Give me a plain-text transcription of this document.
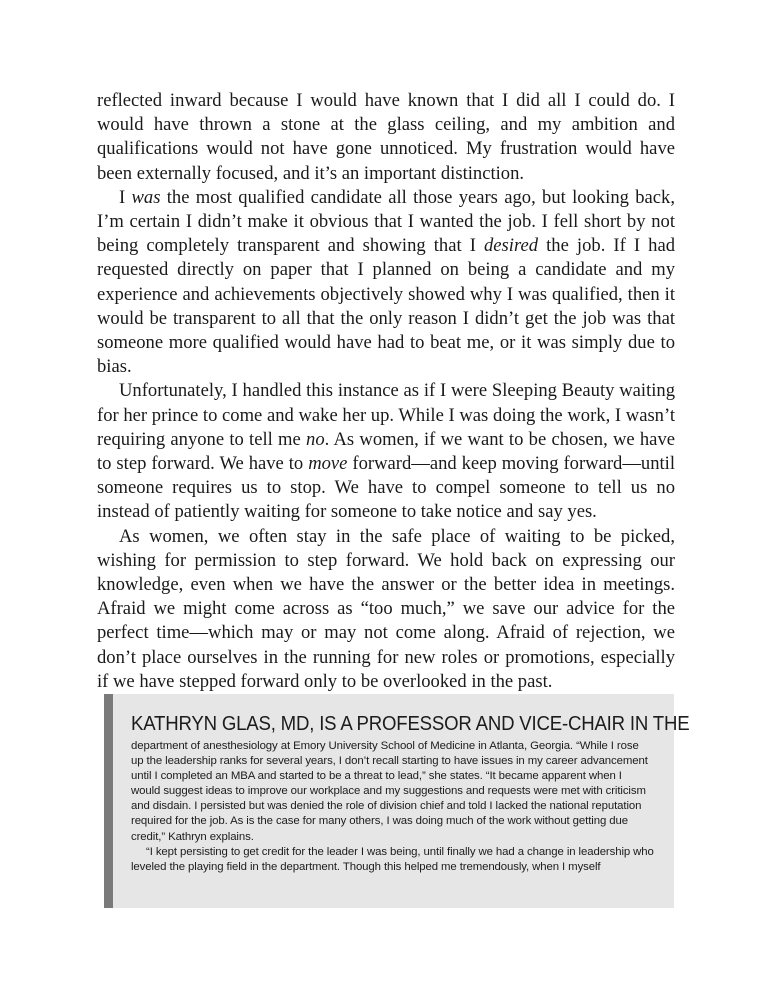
reflected inward because I would have known that I did all I could do. I would have thrown a stone at the glass ceiling, and my ambition and qualifications would not have gone unnoticed. My frustration would have been externally focused, and it’s an important distinction.

I was the most qualified candidate all those years ago, but looking back, I’m certain I didn’t make it obvious that I wanted the job. I fell short by not being completely transparent and showing that I desired the job. If I had requested directly on paper that I planned on being a candidate and my experience and achievements objectively showed why I was qualified, then it would be transparent to all that the only reason I didn’t get the job was that someone more qualified would have had to beat me, or it was simply due to bias.

Unfortunately, I handled this instance as if I were Sleeping Beauty waiting for her prince to come and wake her up. While I was doing the work, I wasn’t requiring anyone to tell me no. As women, if we want to be chosen, we have to step forward. We have to move forward—and keep moving forward—until someone requires us to stop. We have to compel someone to tell us no instead of patiently waiting for someone to take notice and say yes.

As women, we often stay in the safe place of waiting to be picked, wishing for permission to step forward. We hold back on expressing our knowledge, even when we have the answer or the better idea in meetings. Afraid we might come across as “too much,” we save our advice for the perfect time—which may or may not come along. Afraid of rejection, we don’t place ourselves in the running for new roles or promotions, especially if we have stepped forward only to be overlooked in the past.

KATHRYN GLAS, MD, IS A PROFESSOR AND VICE-CHAIR IN THE

department of anesthesiology at Emory University School of Medicine in Atlanta, Georgia. “While I rose up the leadership ranks for several years, I don’t recall starting to have issues in my career advancement until I completed an MBA and started to be a threat to lead,” she states. “It became apparent when I would suggest ideas to improve our workplace and my suggestions and requests were met with criticism and disdain. I persisted but was denied the role of division chief and told I lacked the national reputation required for the job. As is the case for many others, I was doing much of the work without getting due credit,” Kathryn explains.

“I kept persisting to get credit for the leader I was being, until finally we had a change in leadership who leveled the playing field in the department. Though this helped me tremendously, when I myself
